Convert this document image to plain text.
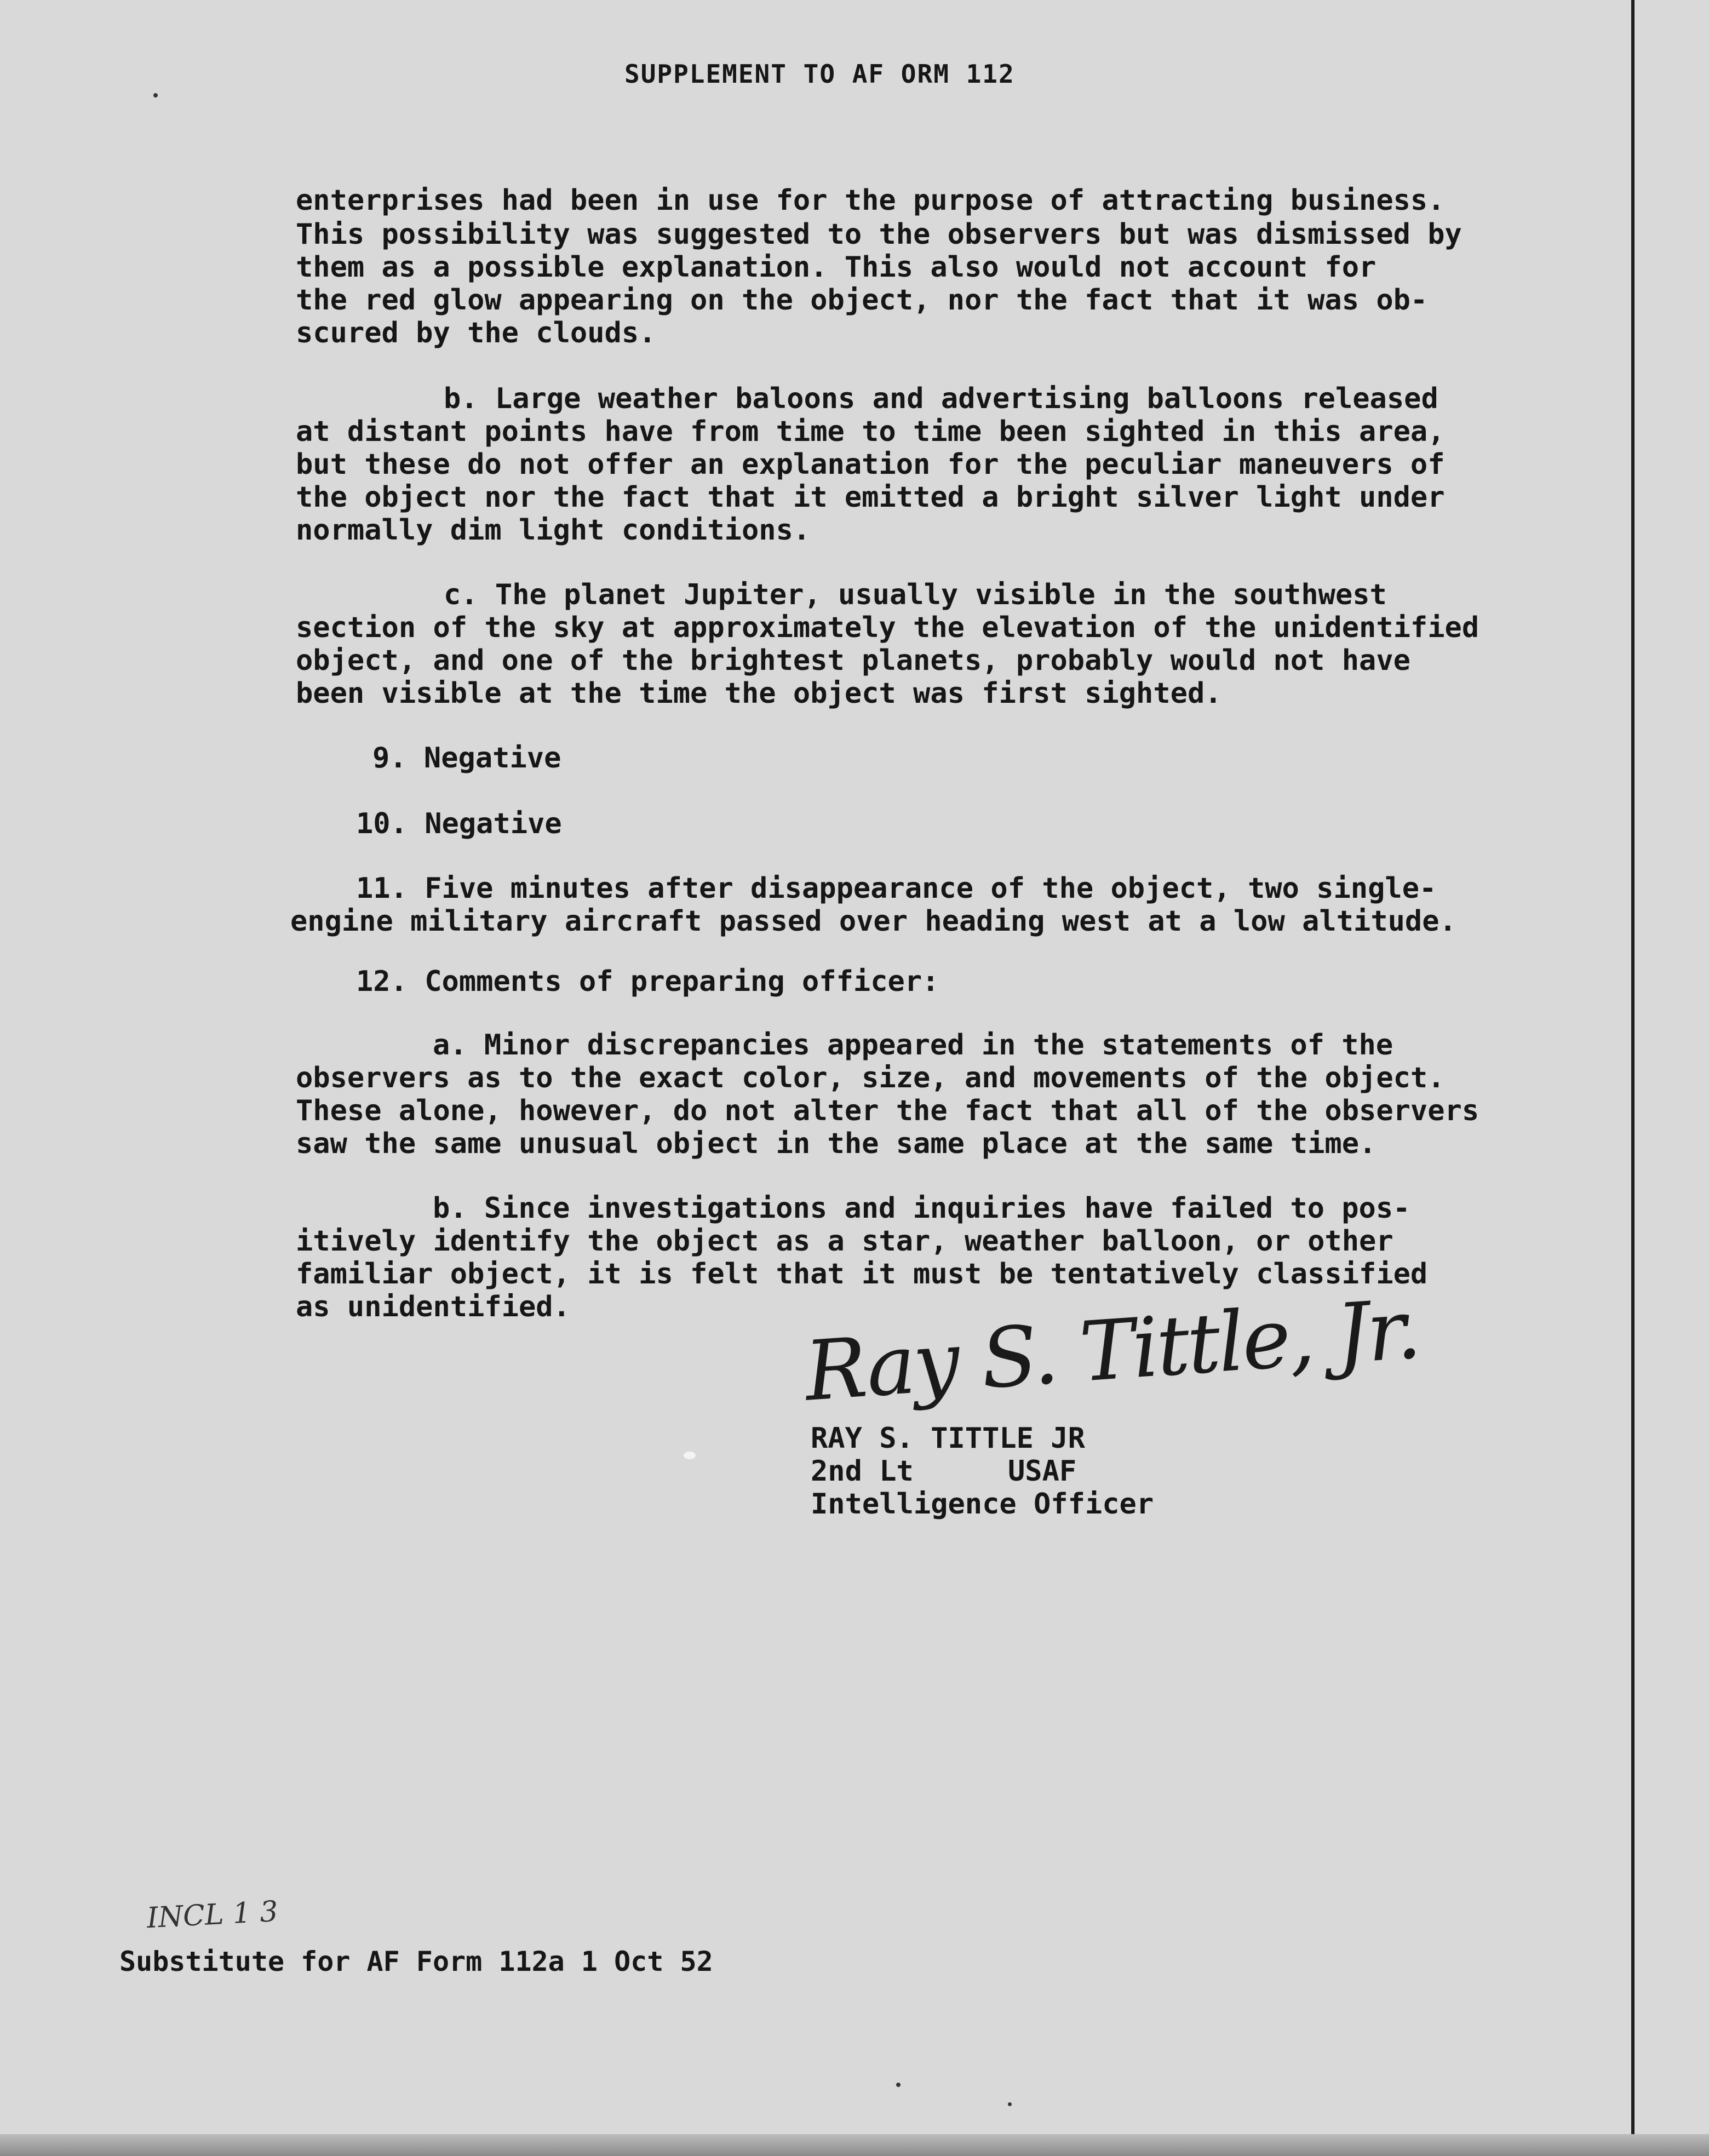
SUPPLEMENT TO AF ORM 112
enterprises had been in use for the purpose of attracting business.
This possibility was suggested to the observers but was dismissed by
them as a possible explanation. This also would not account for
the red glow appearing on the object, nor the fact that it was ob-
scured by the clouds.
b. Large weather baloons and advertising balloons released
at distant points have from time to time been sighted in this area,
but these do not offer an explanation for the peculiar maneuvers of
the object nor the fact that it emitted a bright silver light under
normally dim light conditions.
c. The planet Jupiter, usually visible in the southwest
section of the sky at approximately the elevation of the unidentified
object, and one of the brightest planets, probably would not have
been visible at the time the object was first sighted.
9. Negative
10. Negative
11. Five minutes after disappearance of the object, two single-
engine military aircraft passed over heading west at a low altitude.
12. Comments of preparing officer:
a. Minor discrepancies appeared in the statements of the
observers as to the exact color, size, and movements of the object.
These alone, however, do not alter the fact that all of the observers
saw the same unusual object in the same place at the same time.
b. Since investigations and inquiries have failed to pos-
itively identify the object as a star, weather balloon, or other
familiar object, it is felt that it must be tentatively classified
as unidentified.	Ray S. Tittle, Jr.
RAY S. TITTLE JR
2nd Lt	USAF
Intelligence Officer
INCL 1 3
Substitute for AF Form 112a 1 Oct 52
